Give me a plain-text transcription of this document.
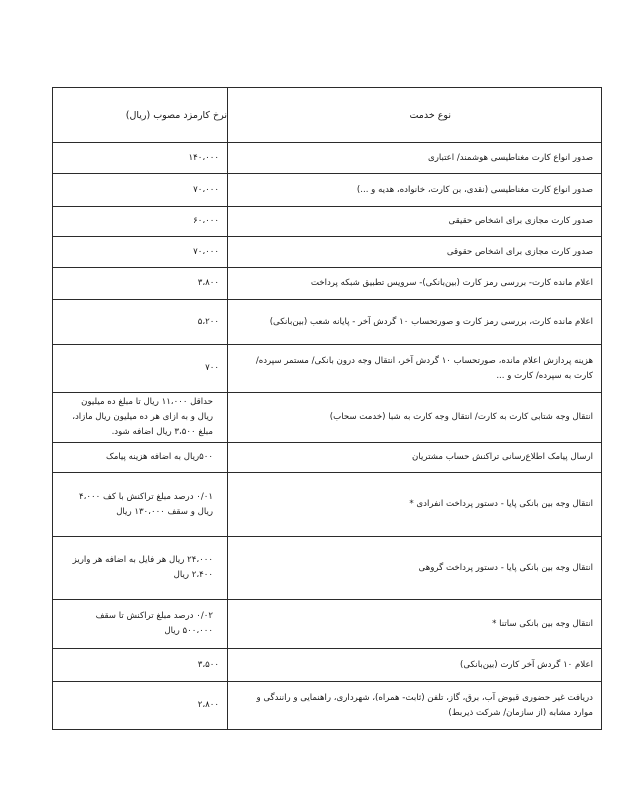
نوع خدمت	نرخ کارمزد مصوب (ریال)
صدور انواع کارت مغناطیسی هوشمند/ اعتباری	۱۴۰،۰۰۰
صدور انواع کارت مغناطیسی (نقدی، بن کارت، خانواده، هدیه و ...)	۷۰،۰۰۰
صدور کارت مجازی برای اشخاص حقیقی	۶۰،۰۰۰
صدور کارت مجازی برای اشخاص حقوقی	۷۰،۰۰۰
اعلام مانده کارت- بررسی رمز کارت (بین‌بانکی)- سرویس تطبیق شبکه پرداخت	۳،۸۰۰
اعلام مانده کارت، بررسی رمز کارت و صورتحساب ۱۰ گردش آخر - پایانه شعب (بین‌بانکی)	۵،۲۰۰
هزینه پردازش اعلام مانده، صورتحساب ۱۰ گردش آخر، انتقال وجه درون بانکی/ مستمر سپرده/ کارت به سپرده/ کارت و ...	۷۰۰
انتقال وجه شتابی کارت به کارت/ انتقال وجه کارت به شبا (خدمت سحاب)	حداقل ۱۱،۰۰۰ ریال تا مبلغ ده میلیون ریال و به ازای هر ده میلیون ریال مازاد، مبلغ ۳،۵۰۰ ریال اضافه شود.
ارسال پیامک اطلاع‌رسانی تراکنش حساب مشتریان	۵۰۰ریال به اضافه هزینه پیامک
انتقال وجه بین بانکی پایا - دستور پرداخت انفرادی *	۰/۰۱ درصد مبلغ تراکنش با کف ۴،۰۰۰ ریال و سقف ۱۳۰،۰۰۰ ریال
انتقال وجه بین بانکی پایا - دستور پرداخت گروهی	۲۴،۰۰۰ ریال هر فایل به اضافه هر واریز ۲،۴۰۰ ریال
انتقال وجه بین بانکی ساتنا *	۰/۰۲ درصد مبلغ تراکنش تا سقف ۵۰۰،۰۰۰ ریال
اعلام ۱۰ گردش آخر کارت (بین‌بانکی)	۳،۵۰۰
دریافت غیر حضوری قبوض آب، برق، گاز، تلفن (ثابت- همراه)، شهرداری، راهنمایی و رانندگی و موارد مشابه (از سازمان/ شرکت ذیربط)	۲،۸۰۰
